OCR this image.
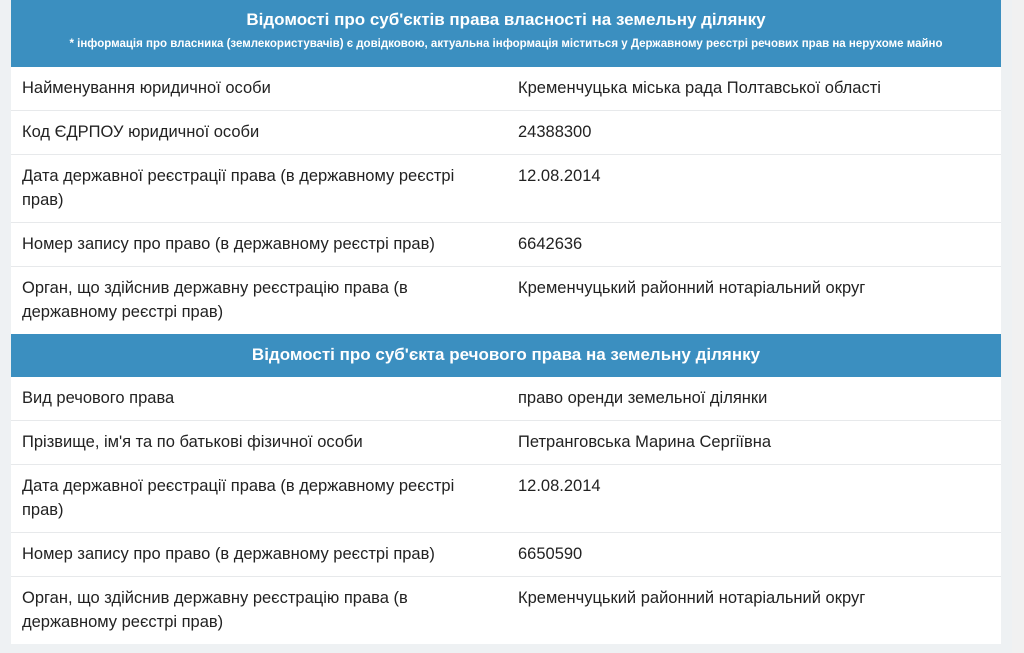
Відомості про суб'єктів права власності на земельну ділянку
* інформація про власника (землекористувачів) є довідковою, актуальна інформація міститься у Державному реєстрі речових прав на нерухоме майно
Найменування юридичної особи	Кременчуцька міська рада Полтавської області
Код ЄДРПОУ юридичної особи	24388300
Дата державної реєстрації права (в державному реєстрі прав)	12.08.2014
Номер запису про право (в державному реєстрі прав)	6642636
Орган, що здійснив державну реєстрацію права (в державному реєстрі прав)	Кременчуцький районний нотаріальний округ
Відомості про суб'єкта речового права на земельну ділянку
Вид речового права	право оренди земельної ділянки
Прізвище, ім'я та по батькові фізичної особи	Петранговська Марина Сергіївна
Дата державної реєстрації права (в державному реєстрі прав)	12.08.2014
Номер запису про право (в державному реєстрі прав)	6650590
Орган, що здійснив державну реєстрацію права (в державному реєстрі прав)	Кременчуцький районний нотаріальний округ
